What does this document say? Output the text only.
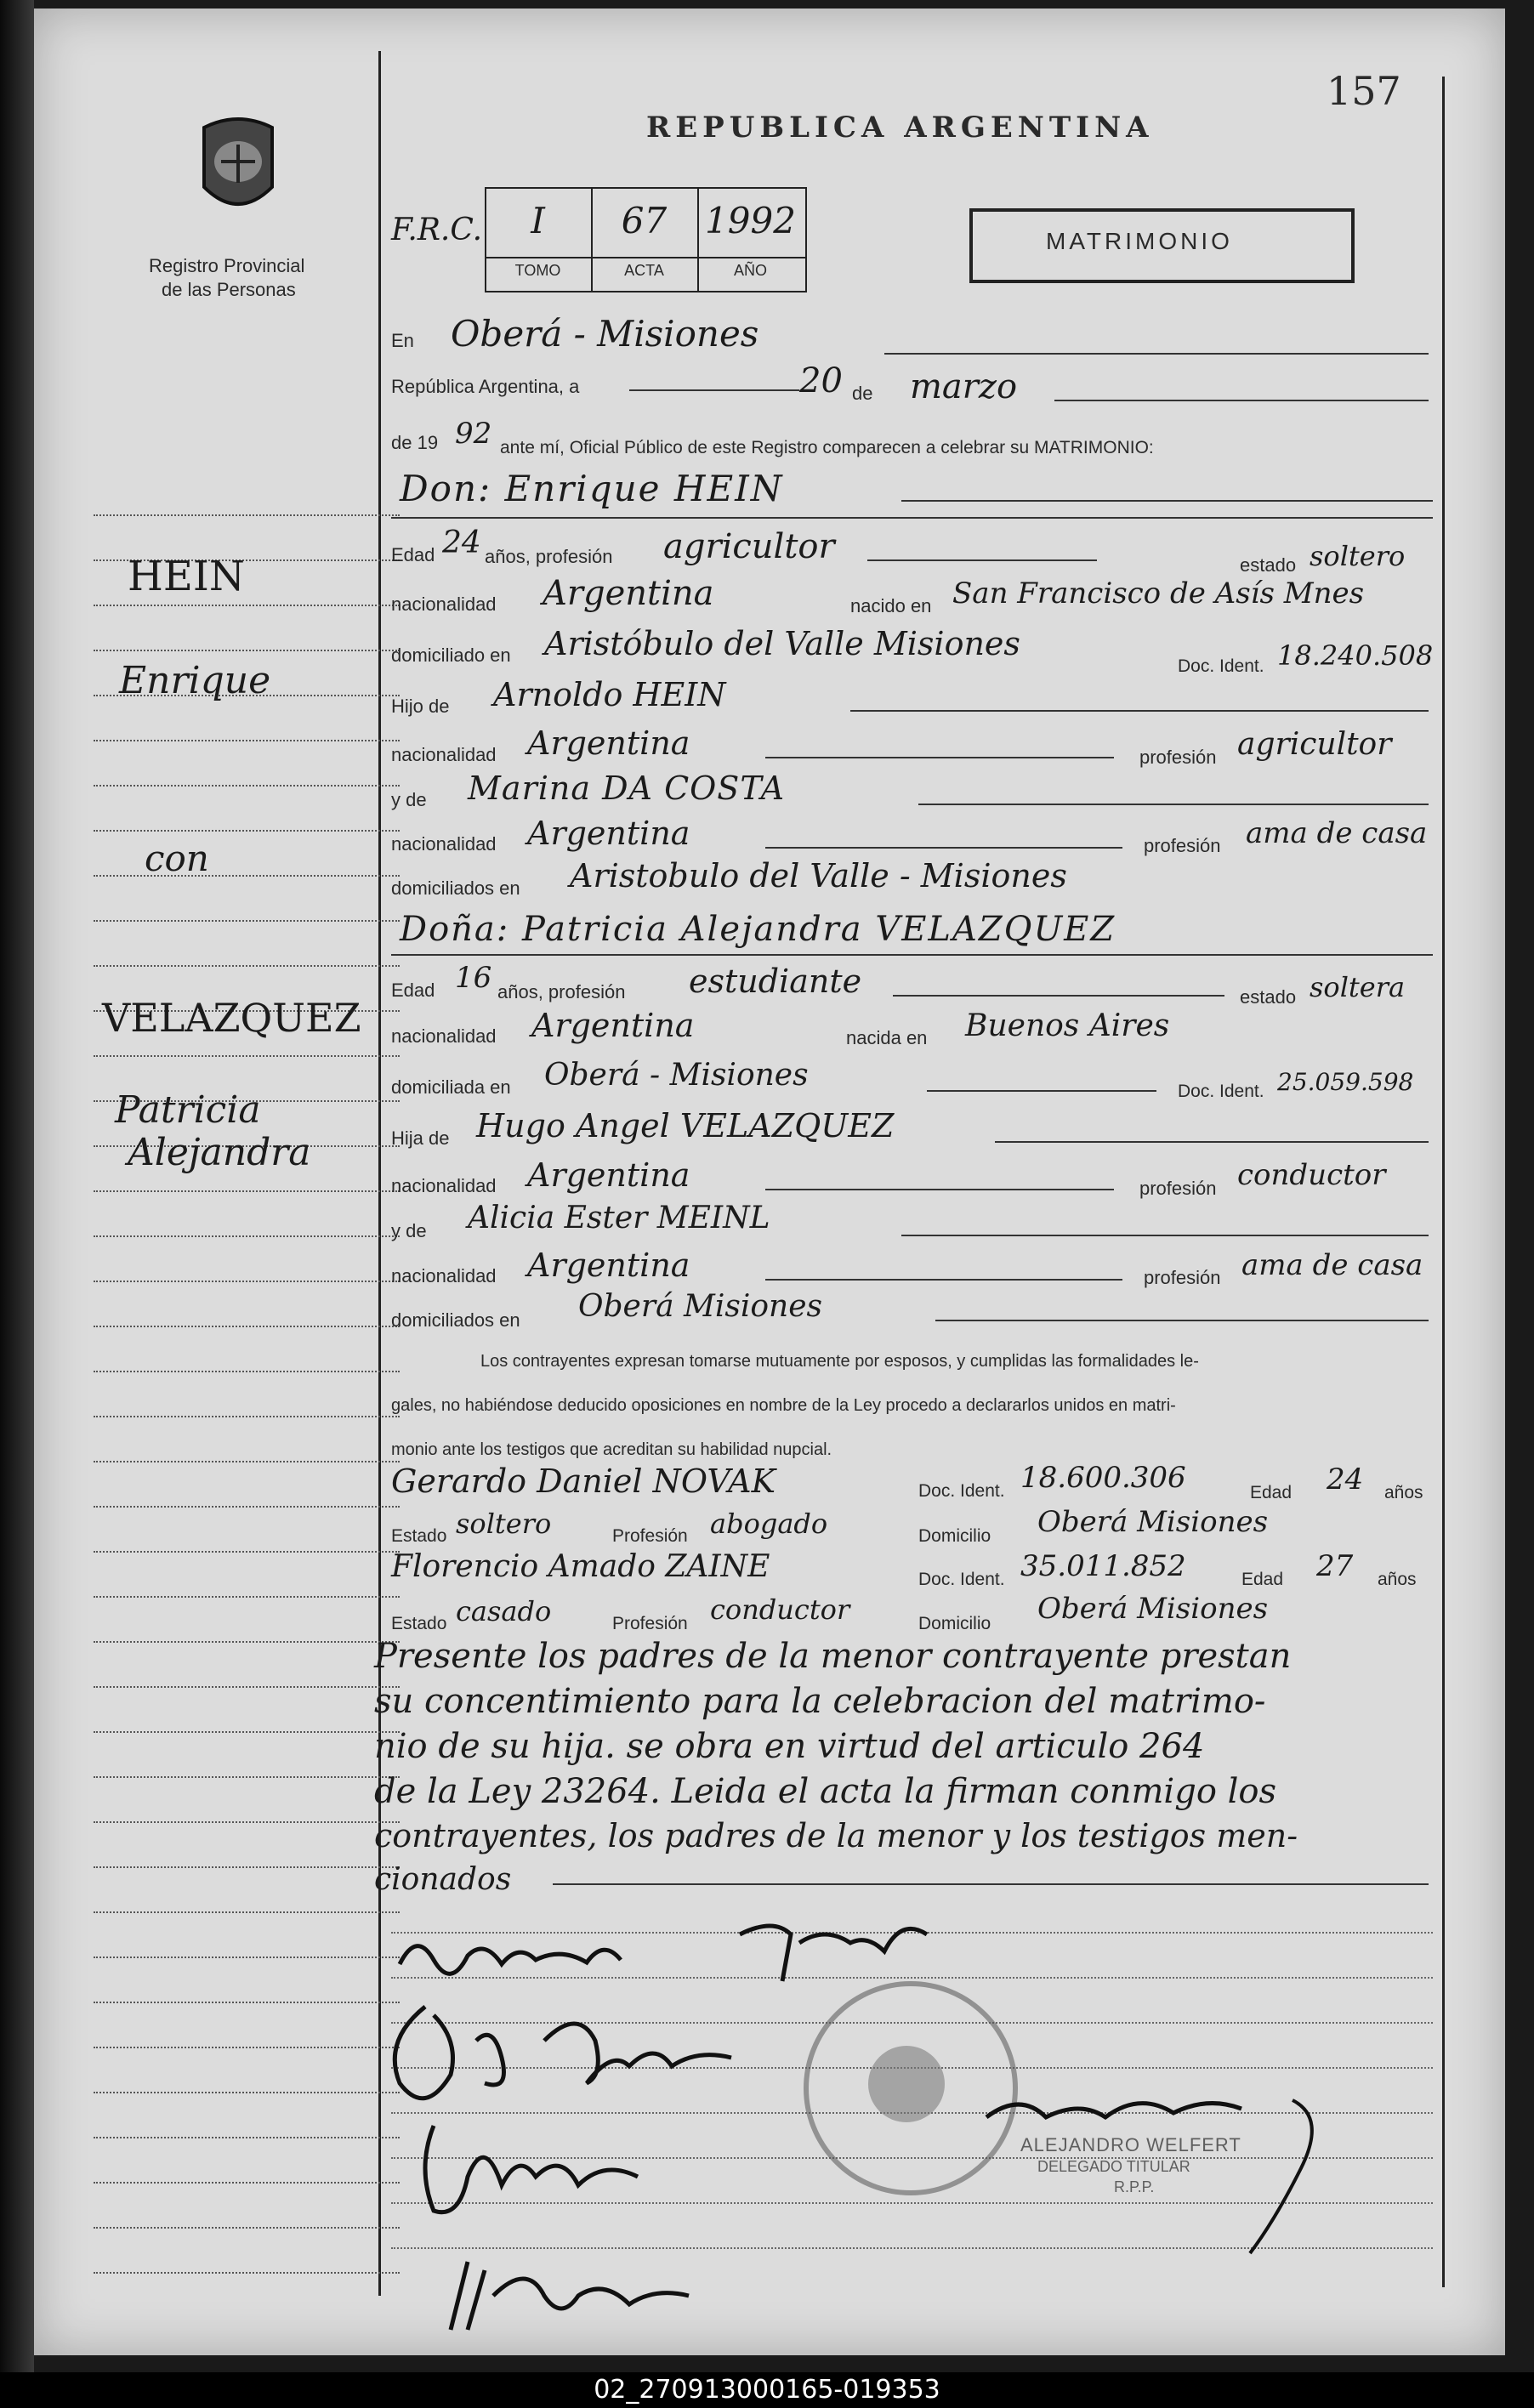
Registro Provincial
de las Personas
REPUBLICA ARGENTINA
157
F.R.C.	I	67	1992
TOMO	ACTA	AÑO
MATRIMONIO
HEIN
Enrique
con
VELAZQUEZ
Patricia
Alejandra
En Oberá - Misiones
República Argentina, a	20 de marzo
de 19 92 ante mí, Oficial Público de este Registro comparecen a celebrar su MATRIMONIO:
Don: Enrique HEIN
Edad 24 años, profesión agricultor	estado soltero
nacionalidad Argentina	nacido en San Francisco de Asís Mnes
domiciliado en Aristóbulo del Valle Misiones
Doc. Ident. 18.240.508
Hijo de Arnoldo HEIN
nacionalidad Argentina	profesión agricultor
y de Marina DA COSTA
nacionalidad Argentina	profesión ama de casa
domiciliados en Aristobulo del Valle - Misiones
Doña: Patricia Alejandra VELAZQUEZ
Edad 16 años, profesión estudiante	estado soltera
nacionalidad Argentina	nacida en Buenos Aires
domiciliada en Oberá - Misiones	Doc. Ident. 25.059.598
Hija de Hugo Angel VELAZQUEZ
nacionalidad Argentina	profesión conductor
y de Alicia Ester MEINL
nacionalidad Argentina	profesión ama de casa
domiciliados en Oberá Misiones
Los contrayentes expresan tomarse mutuamente por esposos, y cumplidas las formalidades le-
gales, no habiéndose deducido oposiciones en nombre de la Ley procedo a declararlos unidos en matri-
monio ante los testigos que acreditan su habilidad nupcial.
Gerardo Daniel NOVAK	Doc. Ident. 18.600.306	Edad 24 años
Estado soltero	Profesión abogado	Domicilio Oberá Misiones
Florencio Amado ZAINE	Doc. Ident. 35.011.852	Edad 27 años
Estado casado	Profesión conductor	Domicilio Oberá Misiones
Presente los padres de la menor contrayente prestan
su concentimiento para la celebracion del matrimo-
nio de su hija. se obra en virtud del articulo 264
de la Ley 23264. Leida el acta la firman conmigo los
contrayentes, los padres de la menor y los testigos men-
cionados
ALEJANDRO WELFERT
DELEGADO TITULAR
R.P.P.
02_270913000165-019353
